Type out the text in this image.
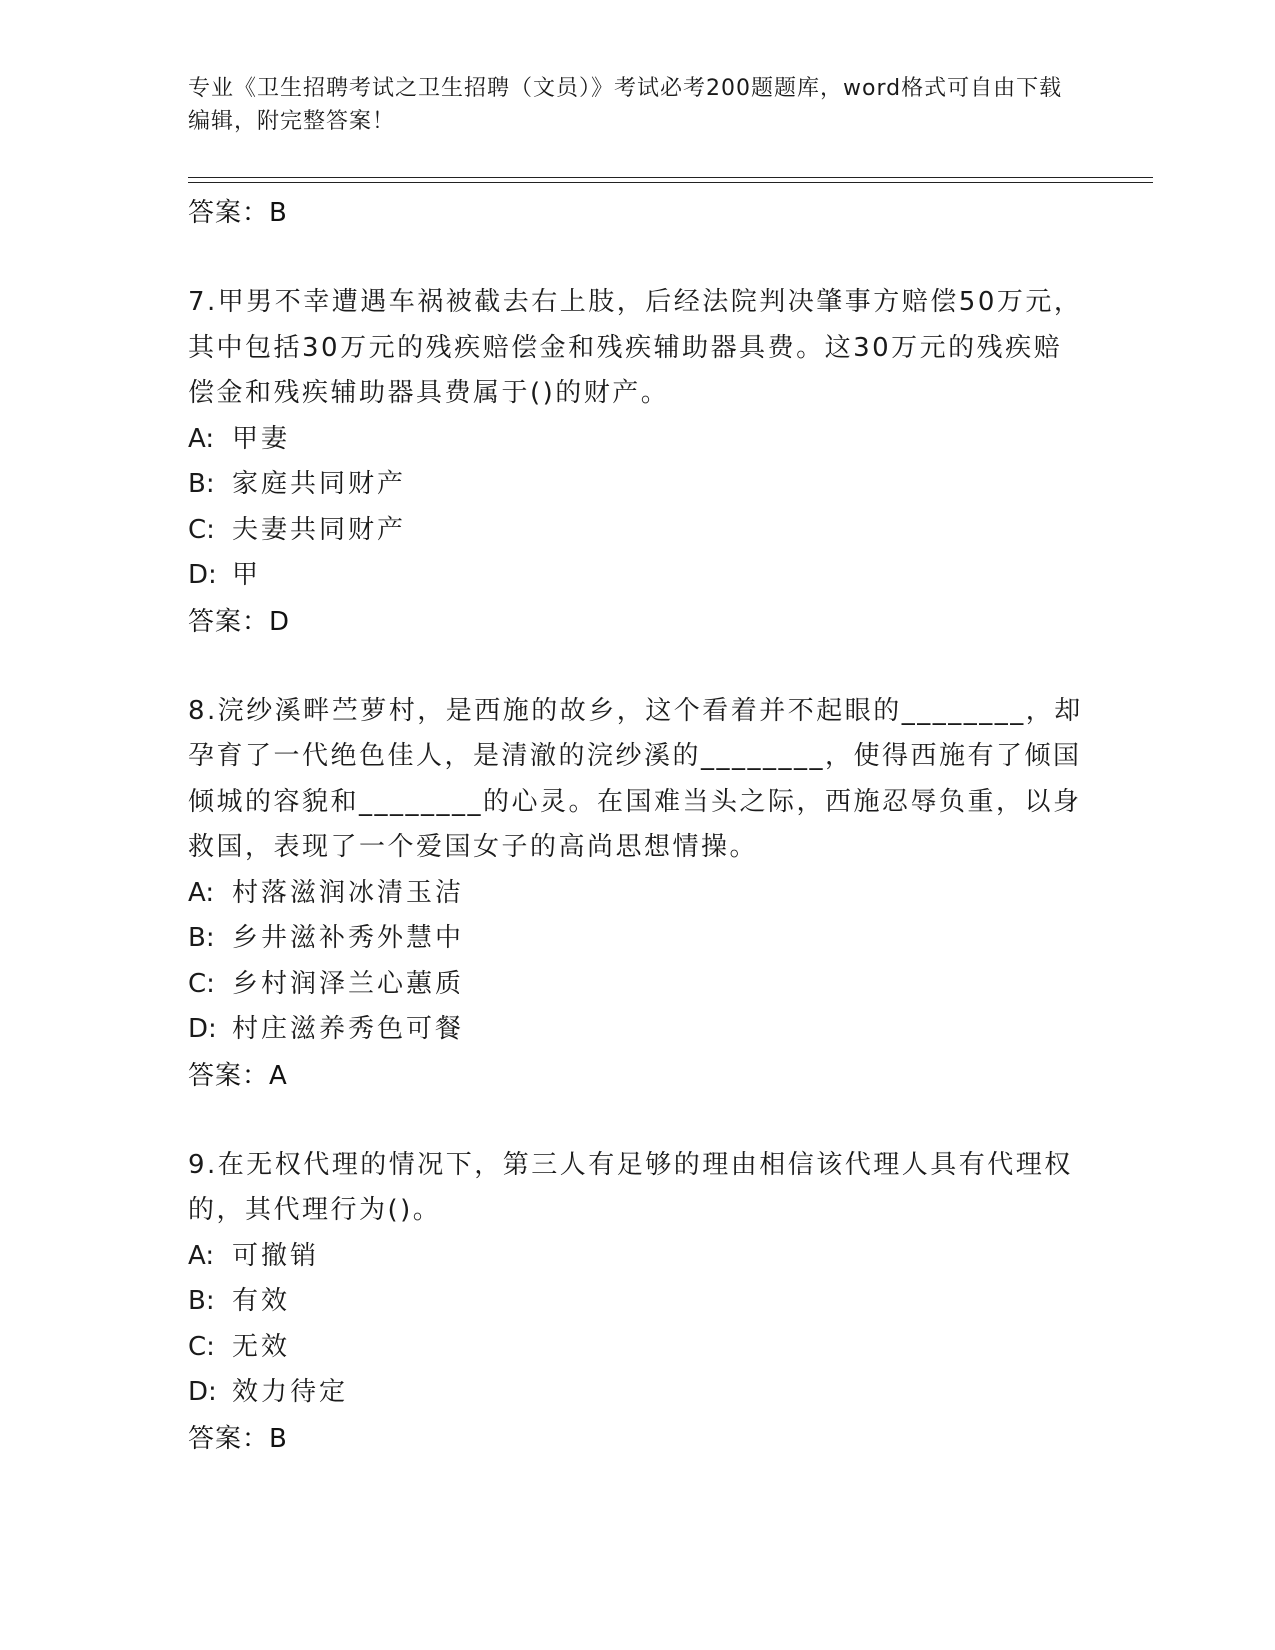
专业《卫生招聘考试之卫生招聘（文员）》考试必考200题题库，word格式可自由下载编辑，附完整答案！
答案：B
7.甲男不幸遭遇车祸被截去右上肢，后经法院判决肇事方赔偿50万元，其中包括30万元的残疾赔偿金和残疾辅助器具费。这30万元的残疾赔偿金和残疾辅助器具费属于()的财产。
A: 甲妻
B: 家庭共同财产
C: 夫妻共同财产
D: 甲
答案：D
8.浣纱溪畔苎萝村，是西施的故乡，这个看着并不起眼的________，却孕育了一代绝色佳人，是清澈的浣纱溪的________，使得西施有了倾国倾城的容貌和________的心灵。在国难当头之际，西施忍辱负重，以身救国，表现了一个爱国女子的高尚思想情操。
A: 村落滋润冰清玉洁
B: 乡井滋补秀外慧中
C: 乡村润泽兰心蕙质
D: 村庄滋养秀色可餐
答案：A
9.在无权代理的情况下，第三人有足够的理由相信该代理人具有代理权的，其代理行为()。
A: 可撤销
B: 有效
C: 无效
D: 效力待定
答案：B
